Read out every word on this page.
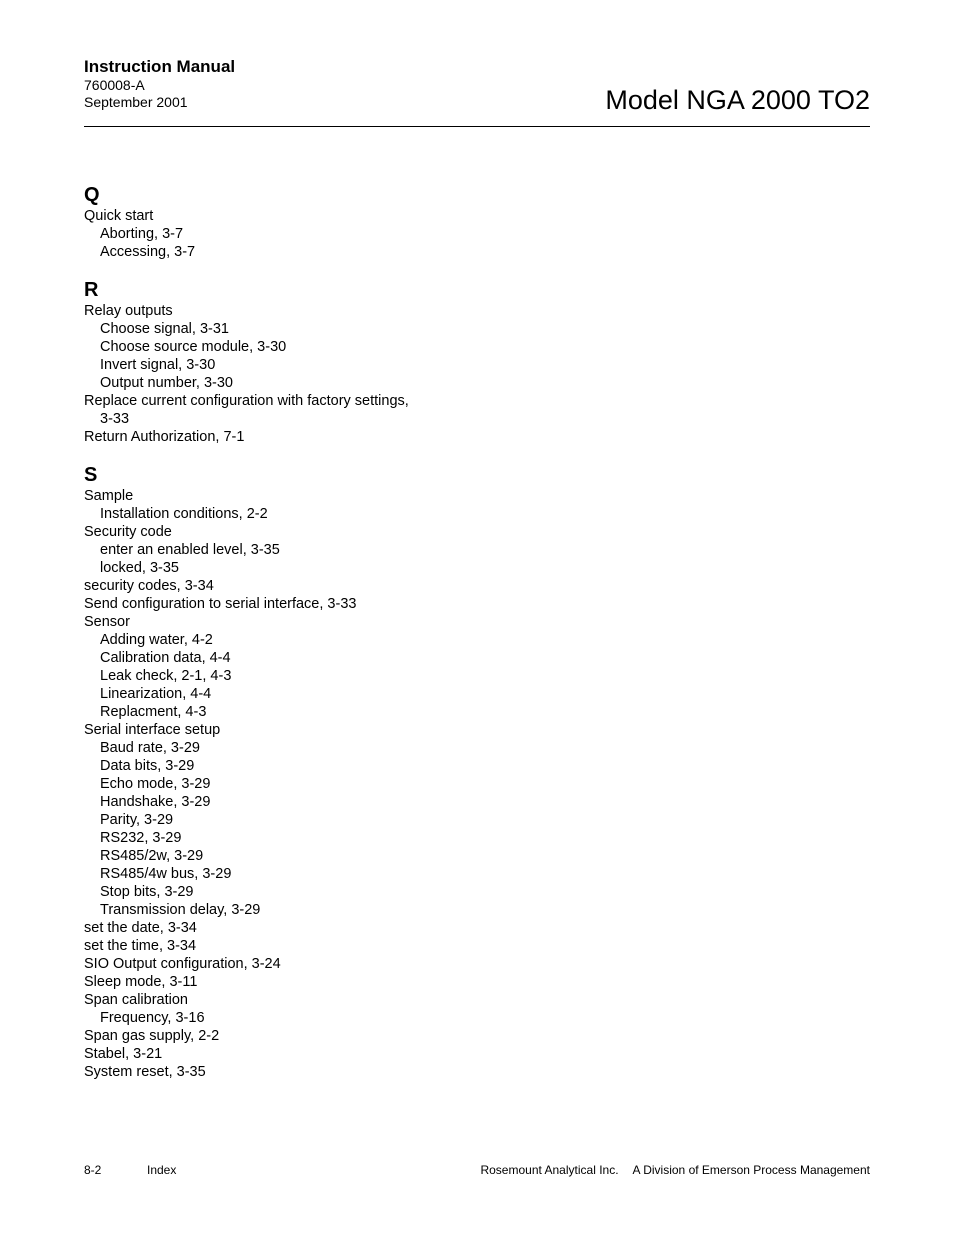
Instruction Manual
760008-A
September 2001	Model NGA 2000 TO2
Q
Quick start
Aborting, 3-7
Accessing, 3-7
R
Relay outputs
Choose signal, 3-31
Choose source module, 3-30
Invert signal, 3-30
Output number, 3-30
Replace current configuration with factory settings,
3-33
Return Authorization, 7-1
S
Sample
Installation conditions, 2-2
Security code
enter an enabled level, 3-35
locked, 3-35
security codes, 3-34
Send configuration to serial interface, 3-33
Sensor
Adding water, 4-2
Calibration data, 4-4
Leak check, 2-1, 4-3
Linearization, 4-4
Replacment, 4-3
Serial interface setup
Baud rate, 3-29
Data bits, 3-29
Echo mode, 3-29
Handshake, 3-29
Parity, 3-29
RS232, 3-29
RS485/2w, 3-29
RS485/4w bus, 3-29
Stop bits, 3-29
Transmission delay, 3-29
set the date, 3-34
set the time, 3-34
SIO Output configuration, 3-24
Sleep mode, 3-11
Span calibration
Frequency, 3-16
Span gas supply, 2-2
Stabel, 3-21
System reset, 3-35
8-2	Index	Rosemount Analytical Inc. A Division of Emerson Process Management
